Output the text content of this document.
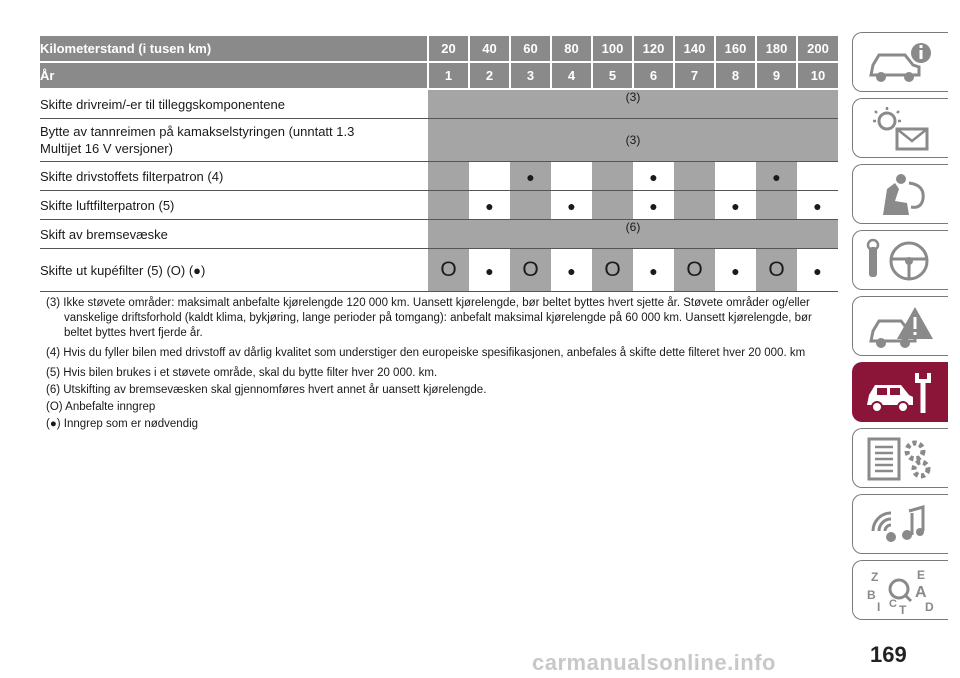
Kilometerstand (i tusen km)	20	40	60	80	100	120	140	160	180	200
År	1	2	3	4	5	6	7	8	9	10
Skifte drivreim/-er til tilleggskomponentene	(3)									
Bytte av tannreimen på kamakselstyringen (unntatt 1.3
Multijet 16 V versjoner)	(3)									
Skifte drivstoffets filterpatron (4)			●			●			●	
Skifte luftfilterpatron (5)		●		●		●		●		●
Skift av bremsevæske	(6)									
Skifte ut kupéfilter (5) (O) (●)	O	●	O	●	O	●	O	●	O	●

(3) Ikke støvete områder: maksimalt anbefalte kjørelengde 120 000 km. Uansett kjørelengde, bør beltet byttes hvert sjette år. Støvete områder og/eller vanskelige driftsforhold (kaldt klima, bykjøring, lange perioder på tomgang): anbefalt maksimal kjørelengde på 60 000 km. Uansett kjørelengde, bør beltet byttes hvert fjerde år.

(4) Hvis du fyller bilen med drivstoff av dårlig kvalitet som understiger den europeiske spesifikasjonen, anbefales å skifte dette filteret hver 20 000. km

(5) Hvis bilen brukes i et støvete område, skal du bytte filter hver 20 000. km.

(6) Utskifting av bremsevæsken skal gjennomføres hvert annet år uansett kjørelengde.

(O) Anbefalte inngrep

(●) Inngrep som er nødvendig

Z	E
B A
I C T D
169
carmanualsonline.info
